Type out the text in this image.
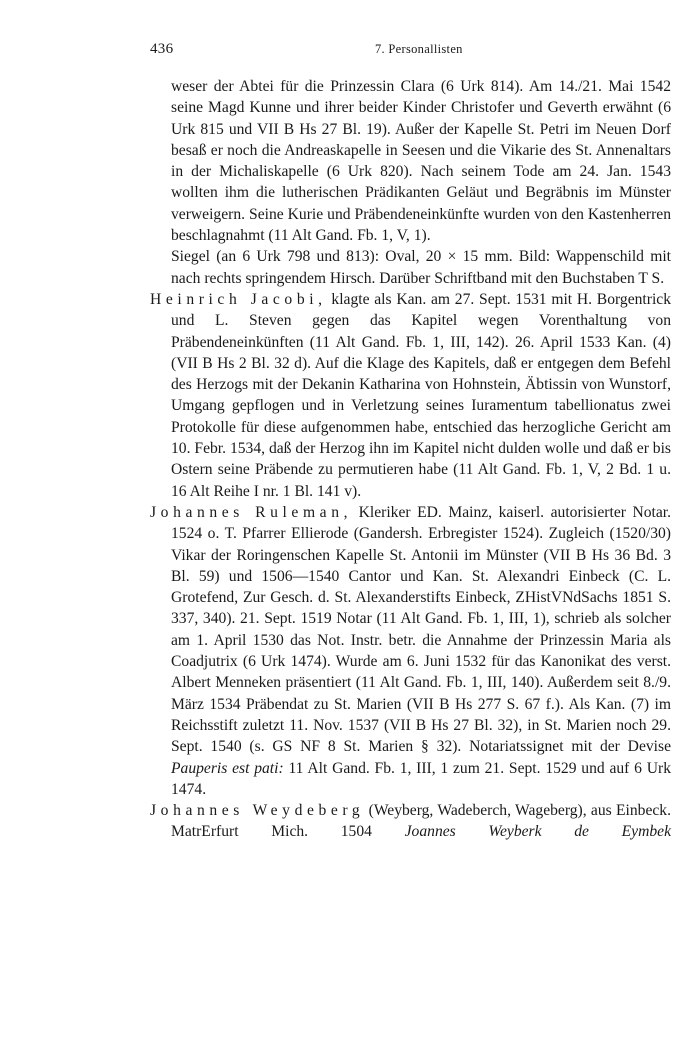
436	7. Personallisten

weser der Abtei für die Prinzessin Clara (6 Urk 814). Am 14./21. Mai 1542 seine Magd Kunne und ihrer beider Kinder Christofer und Geverth erwähnt (6 Urk 815 und VII B Hs 27 Bl. 19). Außer der Kapelle St. Petri im Neuen Dorf besaß er noch die Andreaskapelle in Seesen und die Vikarie des St. Annenaltars in der Michaliskapelle (6 Urk 820). Nach seinem Tode am 24. Jan. 1543 wollten ihm die lutherischen Prädikanten Geläut und Begräbnis im Münster verweigern. Seine Kurie und Präbendeneinkünfte wurden von den Kastenherren beschlagnahmt (11 Alt Gand. Fb. 1, V, 1).

Siegel (an 6 Urk 798 und 813): Oval, 20 × 15 mm. Bild: Wappenschild mit nach rechts springendem Hirsch. Darüber Schriftband mit den Buchstaben T S.

Heinrich Jacobi, klagte als Kan. am 27. Sept. 1531 mit H. Borgentrick und L. Steven gegen das Kapitel wegen Vorenthaltung von Präbendeneinkünften (11 Alt Gand. Fb. 1, III, 142). 26. April 1533 Kan. (4) (VII B Hs 2 Bl. 32 d). Auf die Klage des Kapitels, daß er entgegen dem Befehl des Herzogs mit der Dekanin Katharina von Hohnstein, Äbtissin von Wunstorf, Umgang gepflogen und in Verletzung seines Iuramentum tabellionatus zwei Protokolle für diese aufgenommen habe, entschied das herzogliche Gericht am 10. Febr. 1534, daß der Herzog ihn im Kapitel nicht dulden wolle und daß er bis Ostern seine Präbende zu permutieren habe (11 Alt Gand. Fb. 1, V, 2 Bd. 1 u. 16 Alt Reihe I nr. 1 Bl. 141 v).

Johannes Ruleman, Kleriker ED. Mainz, kaiserl. autorisierter Notar. 1524 o. T. Pfarrer Ellierode (Gandersh. Erbregister 1524). Zugleich (1520/30) Vikar der Roringenschen Kapelle St. Antonii im Münster (VII B Hs 36 Bd. 3 Bl. 59) und 1506—1540 Cantor und Kan. St. Alexandri Einbeck (C. L. Grotefend, Zur Gesch. d. St. Alexanderstifts Einbeck, ZHistVNdSachs 1851 S. 337, 340). 21. Sept. 1519 Notar (11 Alt Gand. Fb. 1, III, 1), schrieb als solcher am 1. April 1530 das Not. Instr. betr. die Annahme der Prinzessin Maria als Coadjutrix (6 Urk 1474). Wurde am 6. Juni 1532 für das Kanonikat des verst. Albert Menneken präsentiert (11 Alt Gand. Fb. 1, III, 140). Außerdem seit 8./9. März 1534 Präbendat zu St. Marien (VII B Hs 277 S. 67 f.). Als Kan. (7) im Reichsstift zuletzt 11. Nov. 1537 (VII B Hs 27 Bl. 32), in St. Marien noch 29. Sept. 1540 (s. GS NF 8 St. Marien § 32). Notariatssignet mit der Devise Pauperis est pati: 11 Alt Gand. Fb. 1, III, 1 zum 21. Sept. 1529 und auf 6 Urk 1474.

Johannes Weydeberg (Weyberg, Wadeberch, Wageberg), aus Einbeck. MatrErfurt Mich. 1504 Joannes Weyberk de Eymbek
